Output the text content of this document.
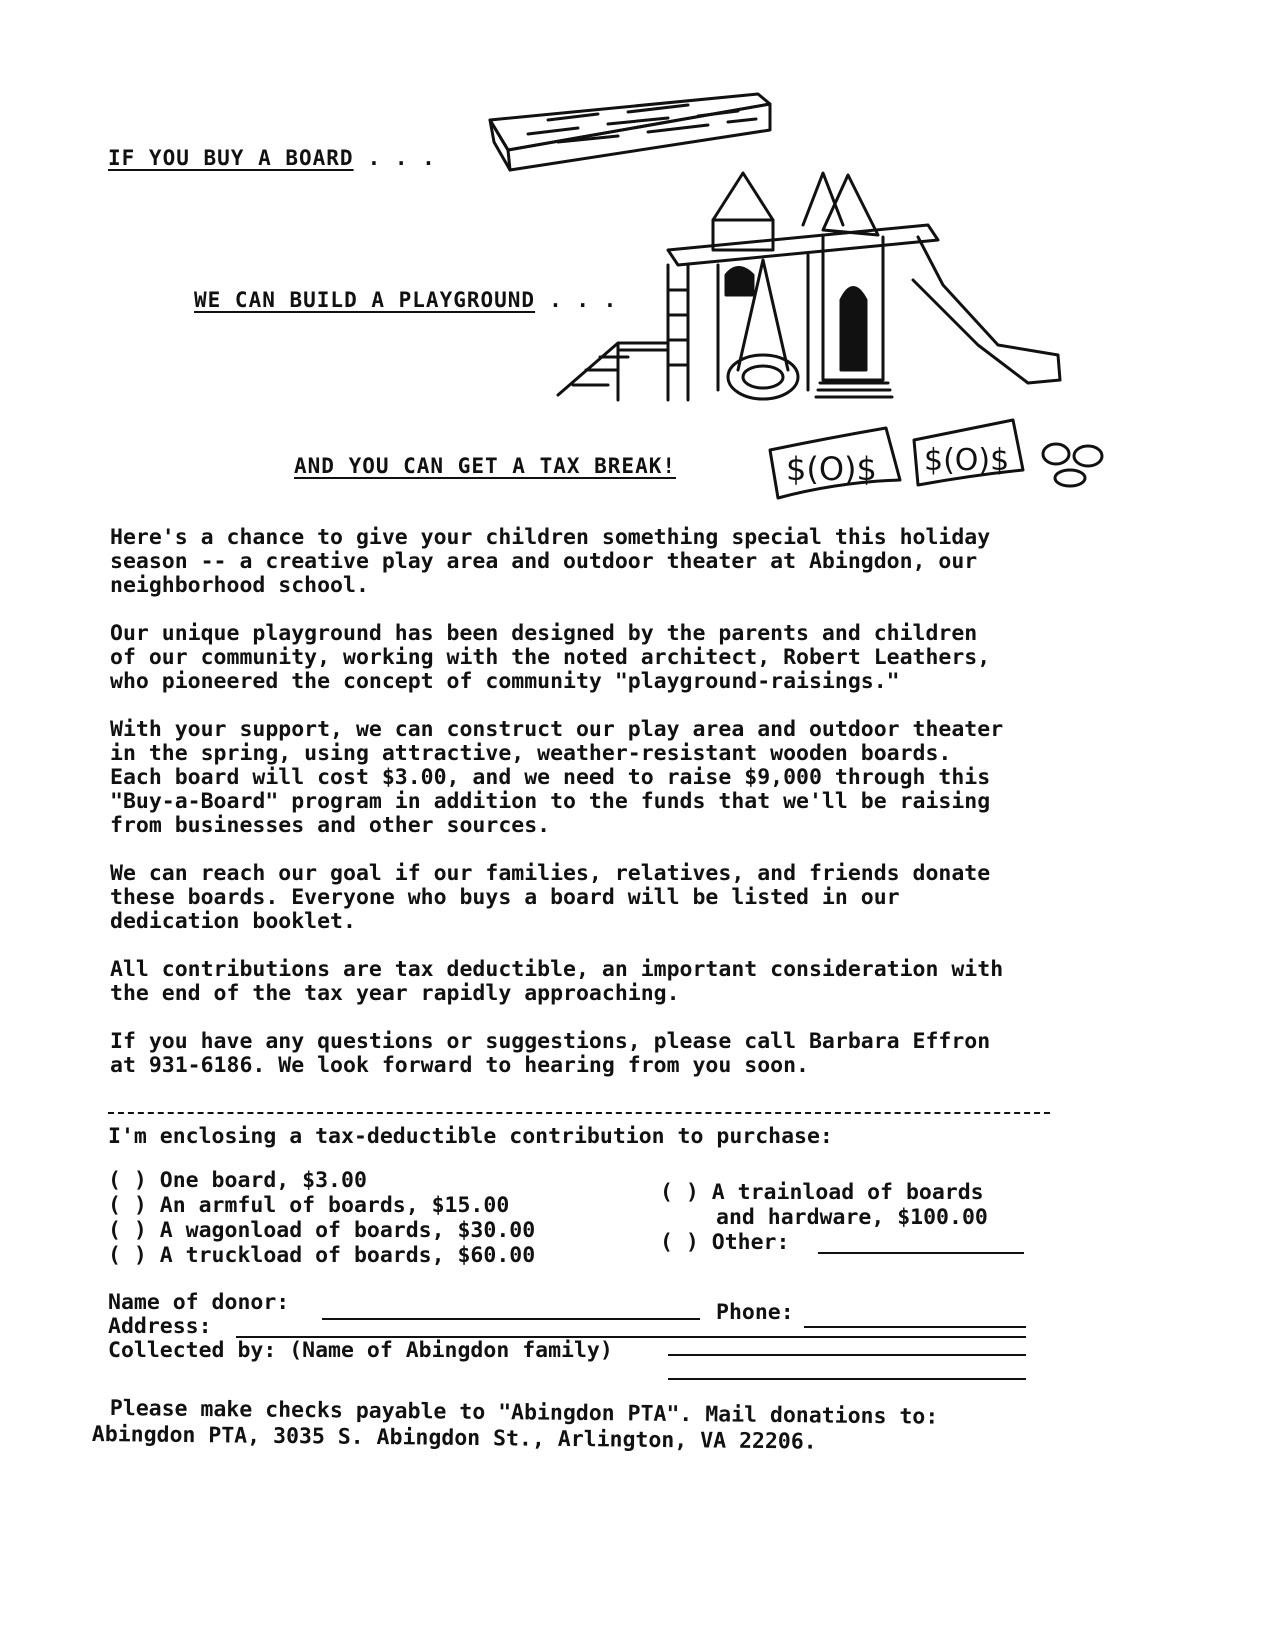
IF YOU BUY A BOARD . . .
WE CAN BUILD A PLAYGROUND . . .
AND YOU CAN GET A TAX BREAK!	$(O)$ $(O)$
Here's a chance to give your children something special this holiday
season -- a creative play area and outdoor theater at Abingdon, our
neighborhood school.
Our unique playground has been designed by the parents and children
of our community, working with the noted architect, Robert Leathers,
who pioneered the concept of community "playground-raisings."
With your support, we can construct our play area and outdoor theater
in the spring, using attractive, weather-resistant wooden boards.
Each board will cost $3.00, and we need to raise $9,000 through this
"Buy-a-Board" program in addition to the funds that we'll be raising
from businesses and other sources.
We can reach our goal if our families, relatives, and friends donate
these boards. Everyone who buys a board will be listed in our
dedication booklet.
All contributions are tax deductible, an important consideration with
the end of the tax year rapidly approaching.
If you have any questions or suggestions, please call Barbara Effron
at 931-6186. We look forward to hearing from you soon.
I'm enclosing a tax-deductible contribution to purchase:
( ) One board, $3.00
( ) An armful of boards, $15.00
( ) A wagonload of boards, $30.00
( ) A truckload of boards, $60.00
( ) A trainload of boards
and hardware, $100.00
( ) Other:
Name of donor:	Phone:
Address:
Collected by: (Name of Abingdon family)
Please make checks payable to "Abingdon PTA". Mail donations to:
Abingdon PTA, 3035 S. Abingdon St., Arlington, VA 22206.
